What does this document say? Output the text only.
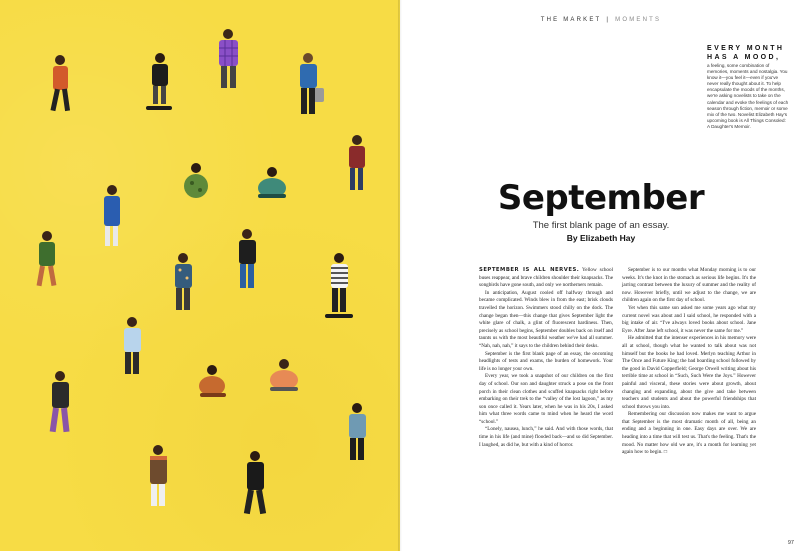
THE MARKET | MOMENTS
EVERY MONTH HAS A MOOD,
a feeling, some combination of memories, moments and nostalgia. You know it—you feel it—even if you've never really thought about it. To help encapsulate the moods of the months, we're asking novelists to take on the calendar and evoke the feelings of each season through fiction, memoir or some mix of the two. Novelist Elizabeth Hay's upcoming book is All Things Consoled: A Daughter's Memoir.
September
The first blank page of an essay.
By Elizabeth Hay

SEPTEMBER IS ALL NERVES. Yellow school buses reappear, and brave children shoulder their knapsacks. The songbirds have gone south, and only we northerners remain.

In anticipation, August cooled off halfway through and became complicated. Winds blew in from the east; brisk clouds travelled the horizon. Swimmers stood chilly on the dock. The change began then—this change that gives September light the white glare of chalk, a glint of fluorescent hardiness. Then, precisely as school begins, September doubles back on itself and taunts us with the most beautiful weather we've had all summer. “Nah, nah, nah,” it says to the children behind their desks.

September is the first blank page of an essay, the oncoming headlights of tests and exams, the burden of homework. Your life is no longer your own.

Every year, we took a snapshot of our children on the first day of school. Our son and daughter struck a pose on the front porch in their clean clothes and scuffed knapsacks right before embarking on their trek to the “valley of the lost lagoon,” as my son once called it. Years later, when he was in his 20s, I asked him what three words came to mind when he heard the word “school.”

“Lonely, nausea, lunch,” he said. And with those words, that time in his life (and mine) flooded back—and so did September. I laughed, as did he, but with a kind of horror.

September is to our months what Monday morning is to our weeks. It's the knot in the stomach as serious life begins. It's the jarring contrast between the luxury of summer and the reality of now. However briefly, until we adjust to the change, we are children again on the first day of school.

Yet when this same son asked me some years ago what my current novel was about and I said school, he responded with a big intake of air. “I've always loved books about school. Jane Eyre. After Jane left school, it was never the same for me.”

He admitted that the intenser experiences in his memory were all at school, though what he wanted to talk about was not himself but the books he had loved. Merlyn teaching Arthur in The Once and Future King; the bad boarding school followed by the good in David Copperfield; George Orwell writing about his terrible time at school in “Such, Such Were the Joys.” However painful and visceral, these stories were about growth, about changing and expanding, about the give and take between teachers and students and about the powerful friendships that school throws you into.

Remembering our discussion now makes me want to argue that September is the most dramatic month of all, being an ending and a beginning in one. Easy days are over. We are heading into a time that will test us. That's the feeling. That's the mood. No matter how old we are, it's a month for learning yet again how to begin. □

97
